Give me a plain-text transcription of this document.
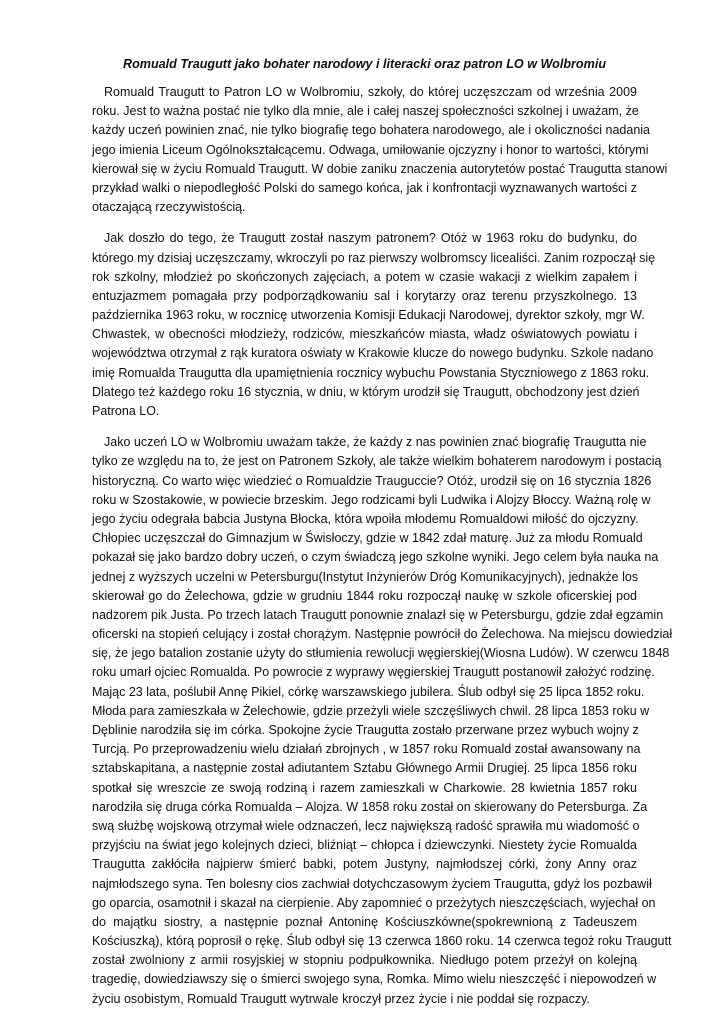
Romuald Traugutt jako bohater narodowy i literacki oraz patron LO w Wolbromiu

Romuald Traugutt to Patron LO w Wolbromiu, szkoły, do której uczęszczam od września 2009
roku. Jest to ważna postać nie tylko dla mnie, ale i całej naszej społeczności szkolnej i uważam, że
każdy uczeń powinien znać, nie tylko biografię tego bohatera narodowego, ale i okoliczności nadania
jego imienia Liceum Ogólnokształcącemu. Odwaga, umiłowanie ojczyzny i honor to wartości, którymi
kierował się w życiu Romuald Traugutt. W dobie zaniku znaczenia autorytetów postać Traugutta stanowi
przykład walki o niepodległość Polski do samego końca, jak i konfrontacji wyznawanych wartości z
otaczającą rzeczywistością.

Jak doszło do tego, że Traugutt został naszym patronem? Otóż w 1963 roku do budynku, do
którego my dzisiaj uczęszczamy, wkroczyli po raz pierwszy wolbromscy licealiści. Zanim rozpoczął się
rok szkolny, młodzież po skończonych zajęciach, a potem w czasie wakacji z wielkim zapałem i
entuzjazmem pomagała przy podporządkowaniu sal i korytarzy oraz terenu przyszkolnego. 13
października 1963 roku, w rocznicę utworzenia Komisji Edukacji Narodowej, dyrektor szkoły, mgr W.
Chwastek, w obecności młodzieży, rodziców, mieszkańców miasta, władz oświatowych powiatu i
województwa otrzymał z rąk kuratora oświaty w Krakowie klucze do nowego budynku. Szkole nadano
imię Romualda Traugutta dla upamiętnienia rocznicy wybuchu Powstania Styczniowego z 1863 roku.
Dlatego też każdego roku 16 stycznia, w dniu, w którym urodził się Traugutt, obchodzony jest dzień
Patrona LO.

Jako uczeń LO w Wolbromiu uważam także, że każdy z nas powinien znać biografię Traugutta nie
tylko ze względu na to, że jest on Patronem Szkoły, ale także wielkim bohaterem narodowym i postacią
historyczną. Co warto więc wiedzieć o Romualdzie Trauguccie? Otóż, urodził się on 16 stycznia 1826
roku w Szostakowie, w powiecie brzeskim. Jego rodzicami byli Ludwika i Alojzy Błoccy. Ważną rolę w
jego życiu odegrała babcia Justyna Błocka, która wpoiła młodemu Romualdowi miłość do ojczyzny.
Chłopiec uczęszczał do Gimnazjum w Świsłoczy, gdzie w 1842 zdał maturę. Już za młodu Romuald
pokazał się jako bardzo dobry uczeń, o czym świadczą jego szkolne wyniki. Jego celem była nauka na
jednej z wyższych uczelni w Petersburgu(Instytut Inżynierów Dróg Komunikacyjnych), jednakże los
skierował go do Żelechowa, gdzie w grudniu 1844 roku rozpoczął naukę w szkole oficerskiej pod
nadzorem pik Justa. Po trzech latach Traugutt ponownie znalazł się w Petersburgu, gdzie zdał egzamin
oficerski na stopień celujący i został chorążym. Następnie powrócił do Żelechowa. Na miejscu dowiedział
się, że jego batalion zostanie użyty do stłumienia rewolucji węgierskiej(Wiosna Ludów). W czerwcu 1848
roku umarł ojciec Romualda. Po powrocie z wyprawy węgierskiej Traugutt postanowił założyć rodzinę.
Mając 23 lata, poślubił Annę Pikiel, córkę warszawskiego jubilera. Ślub odbył się 25 lipca 1852 roku.
Młoda para zamieszkała w Żelechowie, gdzie przeżyli wiele szczęśliwych chwil. 28 lipca 1853 roku w
Dęblinie narodziła się im córka. Spokojne życie Traugutta zostało przerwane przez wybuch wojny z
Turcją. Po przeprowadzeniu wielu działań zbrojnych , w 1857 roku Romuald został awansowany na
sztabskapitana, a następnie został adiutantem Sztabu Głównego Armii Drugiej. 25 lipca 1856 roku
spotkał się wreszcie ze swoją rodziną i razem zamieszkali w Charkowie. 28 kwietnia 1857 roku
narodziła się druga córka Romualda – Alojza. W 1858 roku został on skierowany do Petersburga. Za
swą służbę wojskową otrzymał wiele odznaczeń, lecz największą radość sprawiła mu wiadomość o
przyjściu na świat jego kolejnych dzieci, bliźniąt – chłopca i dziewczynki. Niestety życie Romualda
Traugutta zakłóciła najpierw śmierć babki, potem Justyny, najmłodszej córki, żony Anny oraz
najmłodszego syna. Ten bolesny cios zachwiał dotychczasowym życiem Traugutta, gdyż los pozbawił
go oparcia, osamotnił i skazał na cierpienie. Aby zapomnieć o przeżytych nieszczęściach, wyjechał on
do majątku siostry, a następnie poznał Antoninę Kościuszkówne(spokrewnioną z Tadeuszem
Kościuszką), którą poprosił o rękę. Ślub odbył się 13 czerwca 1860 roku. 14 czerwca tegoż roku Traugutt
został zwolniony z armii rosyjskiej w stopniu podpułkownika. Niedługo potem przeżył on kolejną
tragedię, dowiedziawszy się o śmierci swojego syna, Romka. Mimo wielu nieszczęść i niepowodzeń w
życiu osobistym, Romuald Traugutt wytrwale kroczył przez życie i nie poddał się rozpaczy.
